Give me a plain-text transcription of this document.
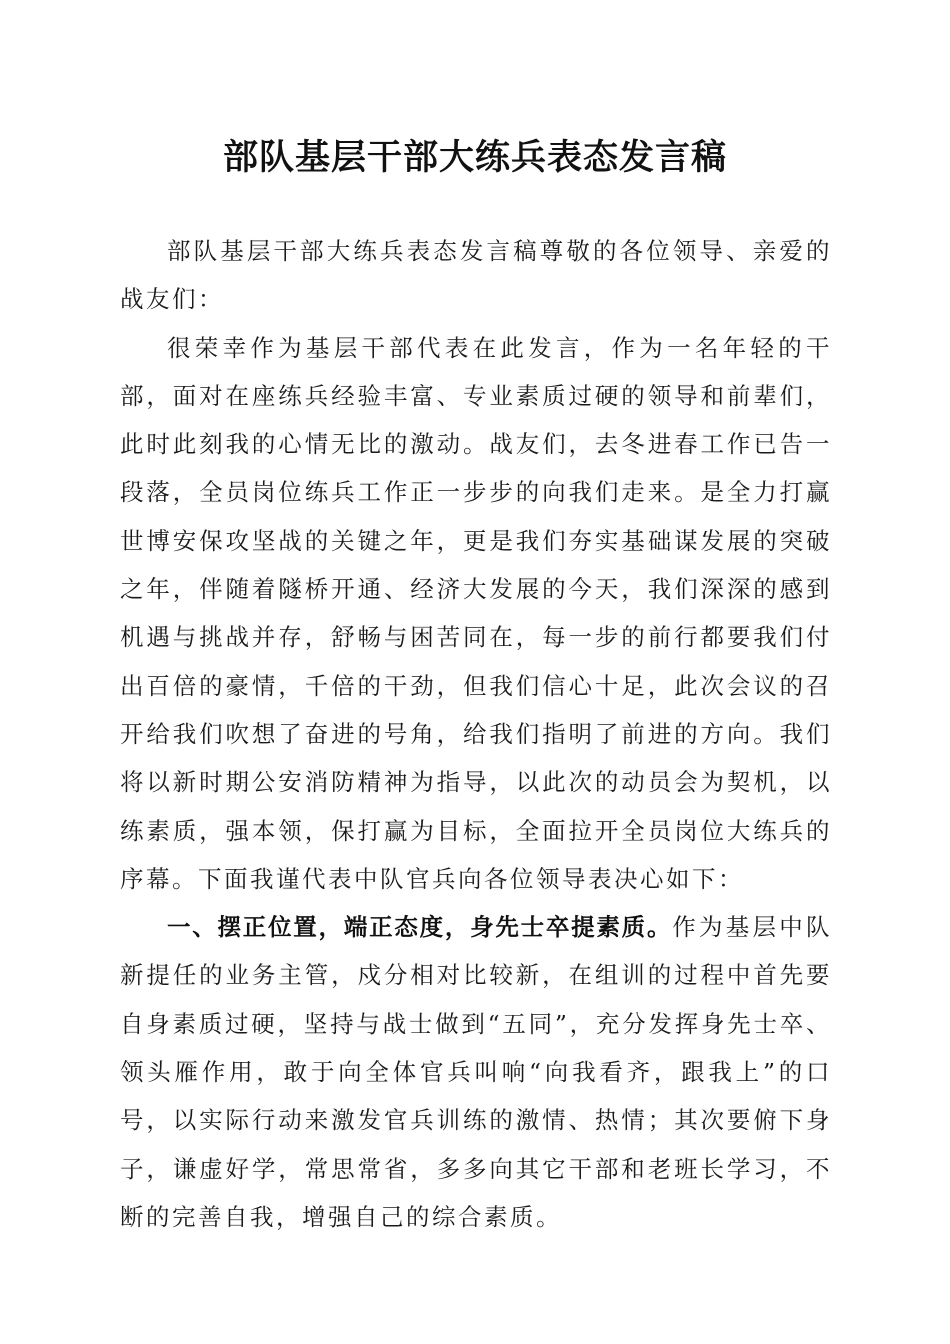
部队基层干部大练兵表态发言稿

部队基层干部大练兵表态发言稿尊敬的各位领导、亲爱的战友们：

很荣幸作为基层干部代表在此发言，作为一名年轻的干部，面对在座练兵经验丰富、专业素质过硬的领导和前辈们，此时此刻我的心情无比的激动。战友们，去冬进春工作已告一段落，全员岗位练兵工作正一步步的向我们走来。是全力打赢世博安保攻坚战的关键之年，更是我们夯实基础谋发展的突破之年，伴随着隧桥开通、经济大发展的今天，我们深深的感到机遇与挑战并存，舒畅与困苦同在，每一步的前行都要我们付出百倍的豪情，千倍的干劲，但我们信心十足，此次会议的召开给我们吹想了奋进的号角，给我们指明了前进的方向。我们将以新时期公安消防精神为指导，以此次的动员会为契机，以练素质，强本领，保打赢为目标，全面拉开全员岗位大练兵的序幕。下面我谨代表中队官兵向各位领导表决心如下：

一、摆正位置，端正态度，身先士卒提素质。作为基层中队新提任的业务主管，戍分相对比较新，在组训的过程中首先要自身素质过硬，坚持与战士做到“五同”，充分发挥身先士卒、领头雁作用，敢于向全体官兵叫响“向我看齐，跟我上”的口号，以实际行动来激发官兵训练的激情、热情；其次要俯下身子，谦虚好学，常思常省，多多向其它干部和老班长学习，不断的完善自我，增强自己的综合素质。
